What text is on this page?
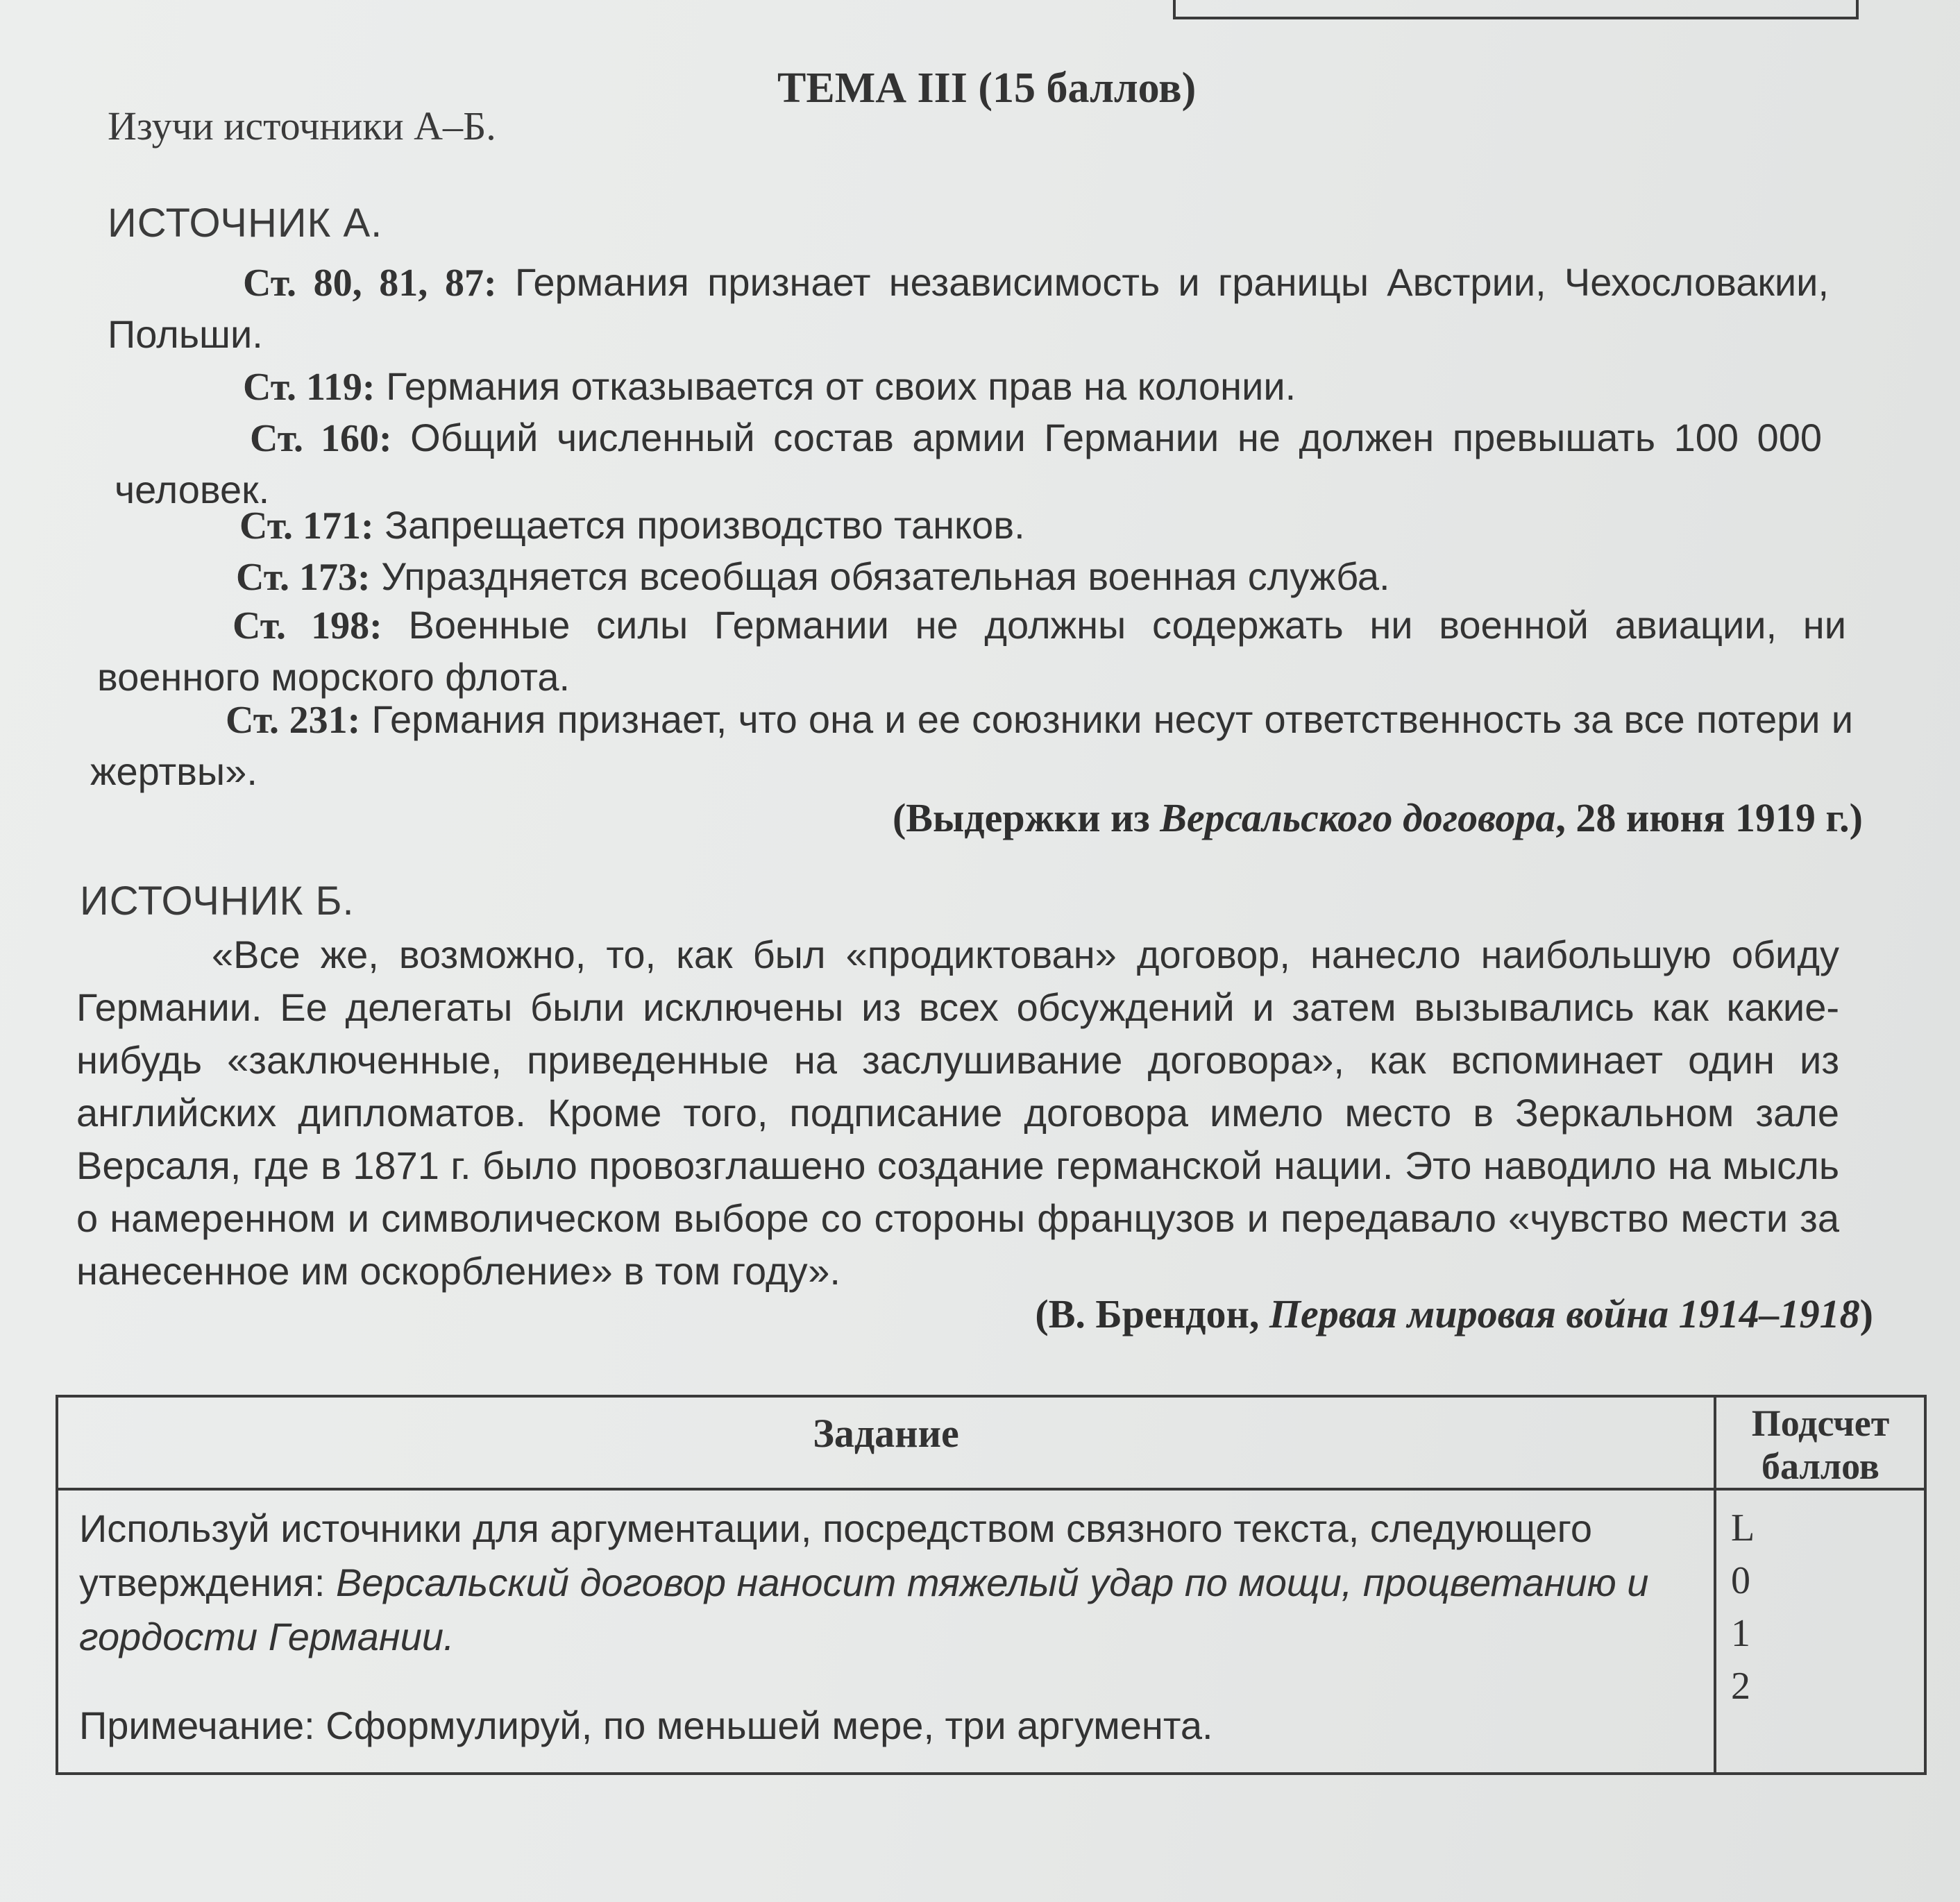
ТЕМА III (15 баллов)
Изучи источники А–Б.
ИСТОЧНИК А.
Ст. 80, 81, 87: Германия признает независимость и границы Австрии, Чехословакии, Польши.
Ст. 119: Германия отказывается от своих прав на колонии.
Ст. 160: Общий численный состав армии Германии не должен превышать 100 000 человек.
Ст. 171: Запрещается производство танков.
Ст. 173: Упраздняется всеобщая обязательная военная служба.
Ст. 198: Военные силы Германии не должны содержать ни военной авиации, ни военного морского флота.
Ст. 231: Германия признает, что она и ее союзники несут ответственность за все потери и жертвы».
(Выдержки из Версальского договора, 28 июня 1919 г.)
ИСТОЧНИК Б.
«Все же, возможно, то, как был «продиктован» договор, нанесло наибольшую обиду Германии. Ее делегаты были исключены из всех обсуждений и затем вызывались как какие-нибудь «заключенные, приведенные на заслушивание договора», как вспоминает один из английских дипломатов. Кроме того, подписание договора имело место в Зеркальном зале Версаля, где в 1871 г. было провозглашено создание германской нации. Это наводило на мысль о намеренном и символическом выборе со стороны французов и передавало «чувство мести за нанесенное им оскорбление» в том году».
(В. Брендон, Первая мировая война 1914–1918)
Задание	Подсчет
баллов
Используй источники для аргументации, посредством связного текста, следующего утверждения: Версальский договор наносит тяжелый удар по мощи, процветанию и гордости Германии.
Примечание: Сформулируй, по меньшей мере, три аргумента.
L
0
1
2
